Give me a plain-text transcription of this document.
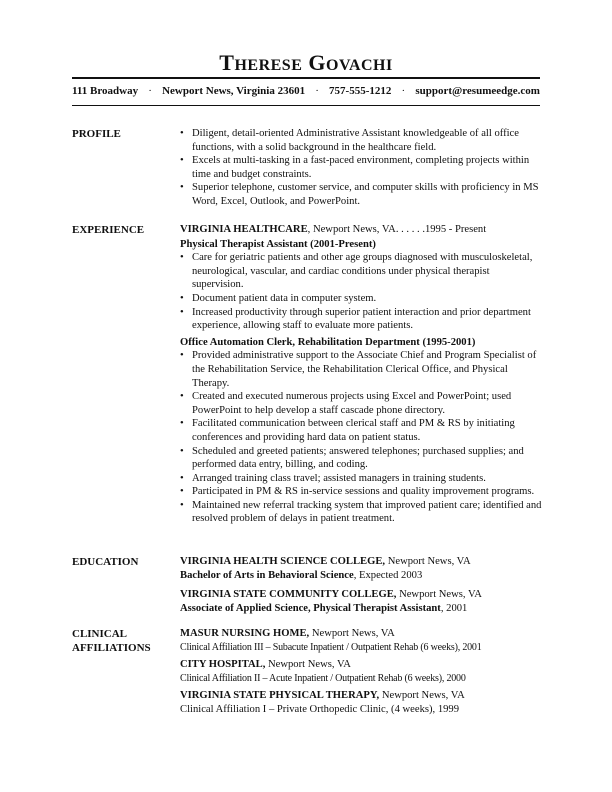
THERESE GOVACHI
111 Broadway · Newport News, Virginia 23601 · 757-555-1212 · support@resumeedge.com
PROFILE
•	Diligent, detail-oriented Administrative Assistant knowledgeable of all office functions, with a solid background in the healthcare field.
• Excels at multi-tasking in a fast-paced environment, completing projects within time and budget constraints.
• Superior telephone, customer service, and computer skills with proficiency in MS Word, Excel, Outlook, and PowerPoint.
EXPERIENCE	VIRGINIA HEALTHCARE, Newport News, VA. . . . . .1995 - Present
Physical Therapist Assistant (2001-Present)
• Care for geriatric patients and other age groups diagnosed with musculoskeletal, neurological, vascular, and cardiac conditions under physical therapist supervision.
• Document patient data in computer system.
• Increased productivity through superior patient interaction and prior department experience, allowing staff to evaluate more patients.
Office Automation Clerk, Rehabilitation Department (1995-2001)
• Provided administrative support to the Associate Chief and Program Specialist of the Rehabilitation Service, the Rehabilitation Clerical Office, and Physical Therapy.
• Created and executed numerous projects using Excel and PowerPoint; used PowerPoint to help develop a staff cascade phone directory.
• Facilitated communication between clerical staff and PM & RS by initiating conferences and providing hard data on patient status.
• Scheduled and greeted patients; answered telephones; purchased supplies; and performed data entry, billing, and coding.
• Arranged training class travel; assisted managers in training students.
• Participated in PM & RS in-service sessions and quality improvement programs.
• Maintained new referral tracking system that improved patient care; identified and resolved problem of delays in patient treatment.
EDUCATION	VIRGINIA HEALTH SCIENCE COLLEGE, Newport News, VA
Bachelor of Arts in Behavioral Science, Expected 2003
VIRGINIA STATE COMMUNITY COLLEGE, Newport News, VA
Associate of Applied Science, Physical Therapist Assistant, 2001
CLINICAL
AFFILIATIONS
MASUR NURSING HOME, Newport News, VA
Clinical Affiliation III – Subacute Inpatient / Outpatient Rehab (6 weeks), 2001
CITY HOSPITAL, Newport News, VA
Clinical Affiliation II – Acute Inpatient / Outpatient Rehab (6 weeks), 2000
VIRGINIA STATE PHYSICAL THERAPY, Newport News, VA
Clinical Affiliation I – Private Orthopedic Clinic, (4 weeks), 1999
